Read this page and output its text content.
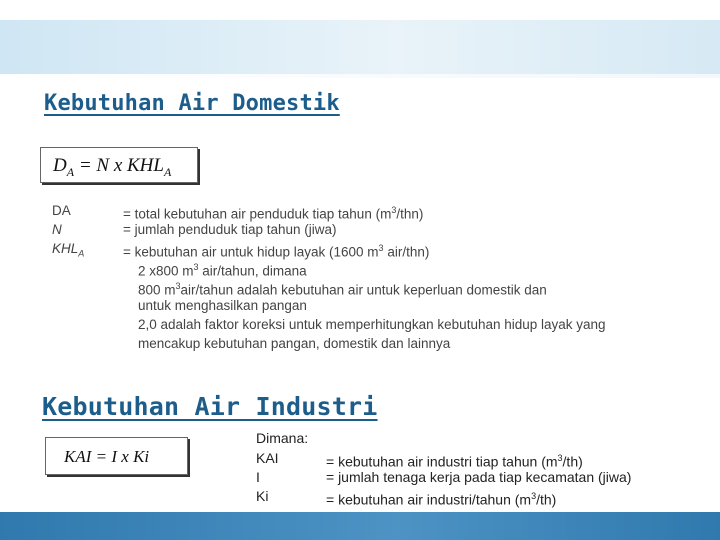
Kebutuhan Air Domestik
$D_A = N$ x $KHL_A$
DA
N
$KHL_A$
= total kebutuhan air penduduk tiap tahun $(m^3/thn)$
= jumlah penduduk tiap tahun (jiwa)
= kebutuhan air untuk hidup layak (1600 $m^3$ air/thn)
2 x800 $m^3$ air/tahun, dimana
800 $m^3air$/tahun adalah kebutuhan air untuk keperluan domestik dan
untuk menghasilkan pangan
2,0 adalah faktor koreksi untuk memperhitungkan kebutuhan hidup layak yang
mencakup kebutuhan pangan, domestik dan lainnya
Kebutuhan Air Industri
KAI = I x Ki
Dimana:
KAI
I
Ki
= kebutuhan air industri tiap tahun $(m^3/th)$
= jumlah tenaga kerja pada tiap kecamatan (jiwa)
= kebutuhan air industri/tahun $(m^3/th)$
